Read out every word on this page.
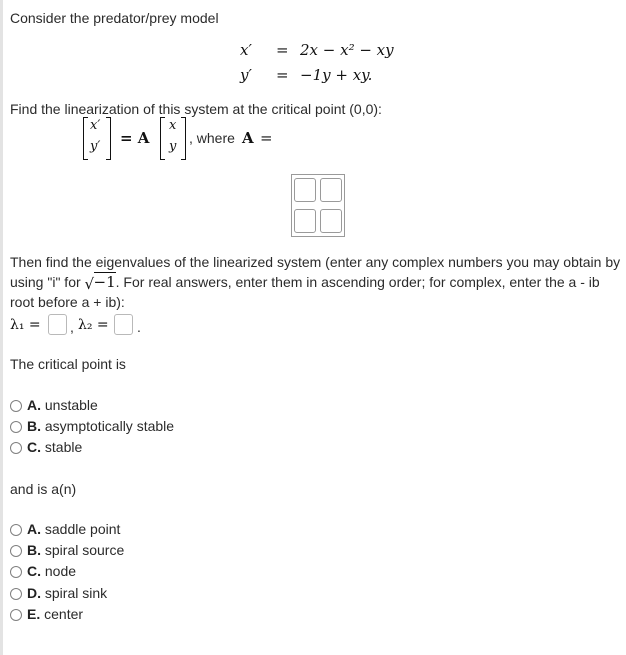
Consider the predator/prey model
x′ = 2x − x² − xy
y′ = −1y + xy.
Find the linearization of this system at the critical point (0,0):
x′
y′ = A
x
y
, where A =
Then find the eigenvalues of the linearized system (enter any complex numbers you may obtain by
using "i" for √ −1. For real answers, enter them in ascending order; for complex, enter the a - ib
root before a + ib):
λ₁ = , λ₂ = .
The critical point is
A. unstable
B. asymptotically stable
C. stable
and is a(n)
A. saddle point
B. spiral source
C. node
D. spiral sink
E. center
